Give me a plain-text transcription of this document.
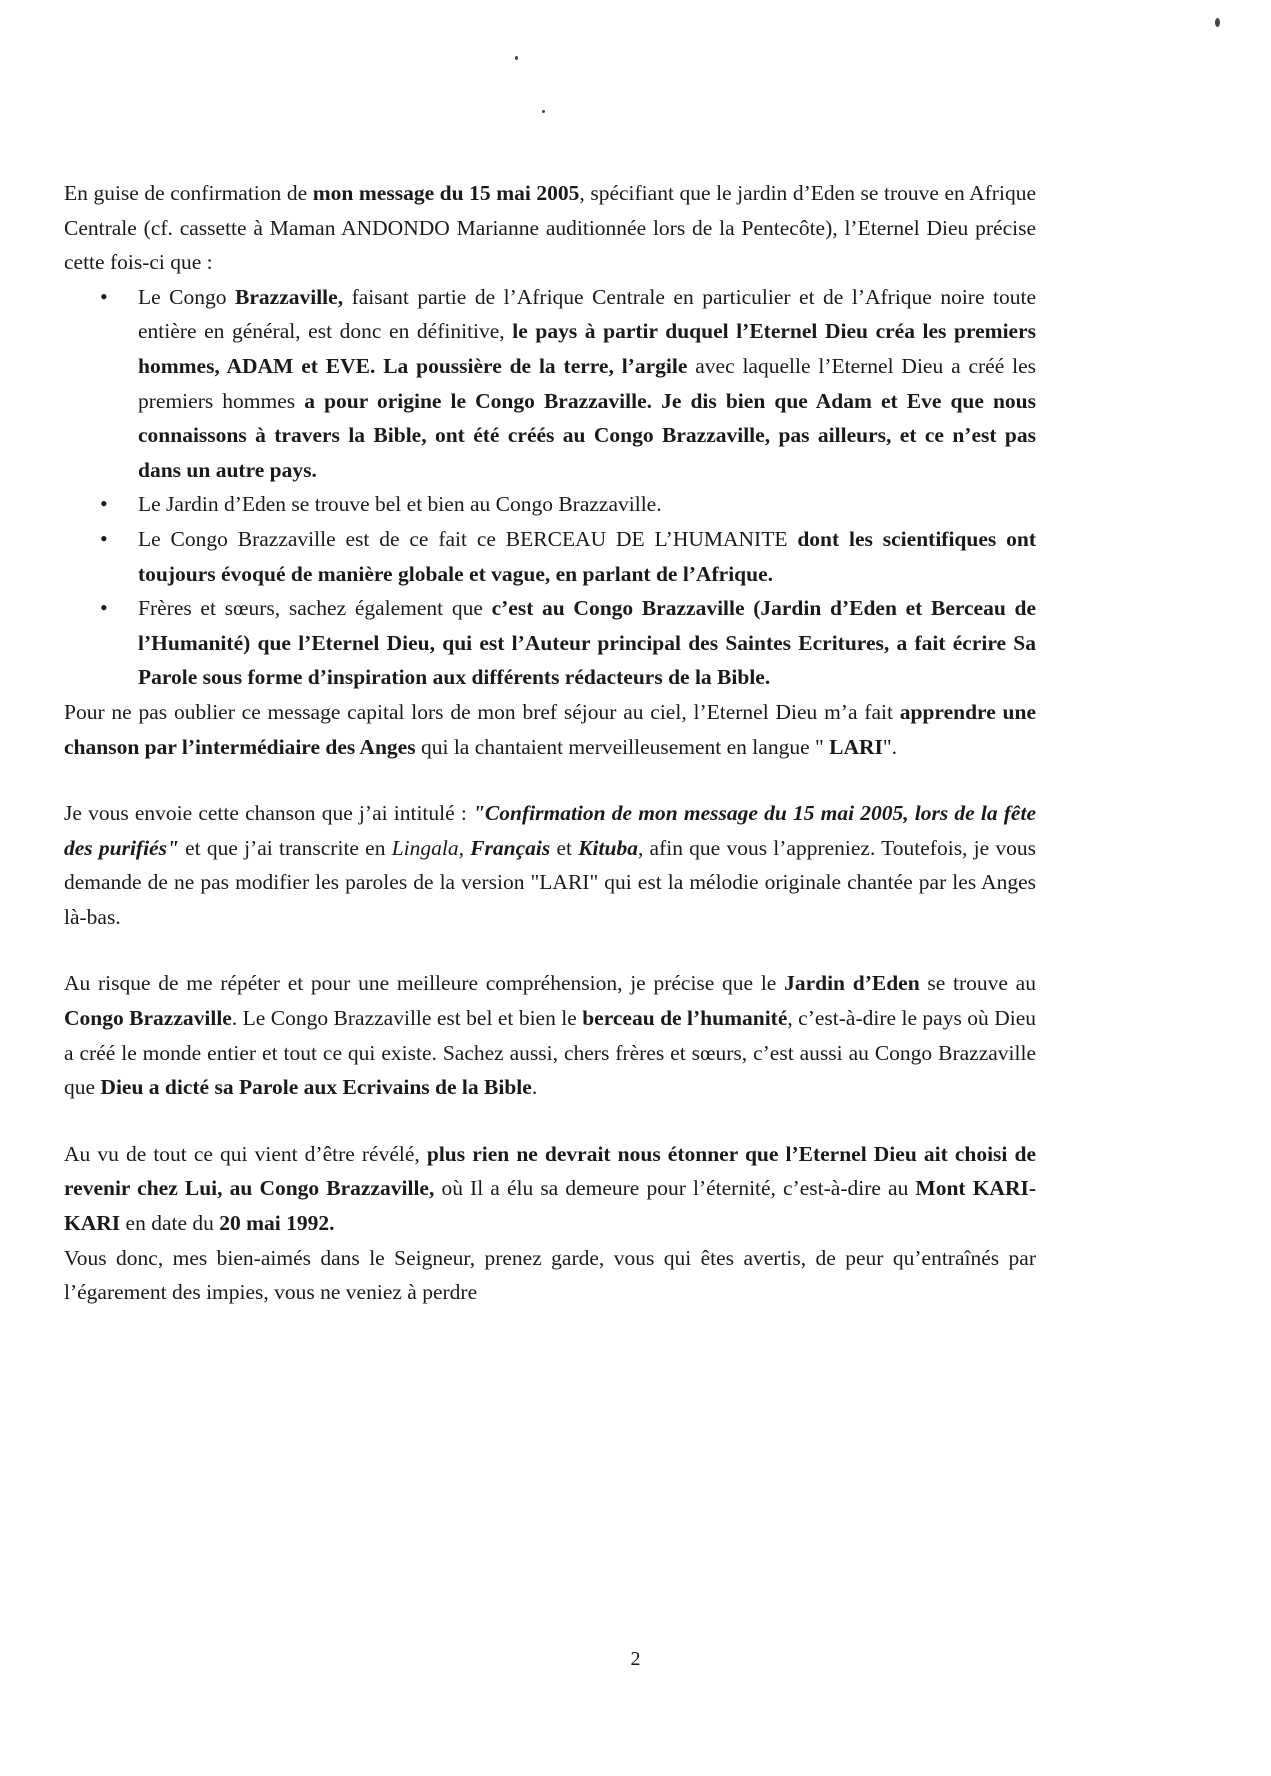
En guise de confirmation de mon message du 15 mai 2005, spécifiant que le jardin d’Eden se trouve en Afrique Centrale (cf. cassette à Maman ANDONDO Marianne auditionnée lors de la Pentecôte), l’Eternel Dieu précise cette fois-ci que :

• Le Congo Brazzaville, faisant partie de l’Afrique Centrale en particulier et de l’Afrique noire toute entière en général, est donc en définitive, le pays à partir duquel l’Eternel Dieu créa les premiers hommes, ADAM et EVE. La poussière de la terre, l’argile avec laquelle l’Eternel Dieu a créé les premiers hommes a pour origine le Congo Brazzaville. Je dis bien que Adam et Eve que nous connaissons à travers la Bible, ont été créés au Congo Brazzaville, pas ailleurs, et ce n’est pas dans un autre pays.
• Le Jardin d’Eden se trouve bel et bien au Congo Brazzaville.
• Le Congo Brazzaville est de ce fait ce BERCEAU DE L’HUMANITE dont les scientifiques ont toujours évoqué de manière globale et vague, en parlant de l’Afrique.
• Frères et sœurs, sachez également que c’est au Congo Brazzaville (Jardin d’Eden et Berceau de l’Humanité) que l’Eternel Dieu, qui est l’Auteur principal des Saintes Ecritures, a fait écrire Sa Parole sous forme d’inspiration aux différents rédacteurs de la Bible.

Pour ne pas oublier ce message capital lors de mon bref séjour au ciel, l’Eternel Dieu m’a fait apprendre une chanson par l’intermédiaire des Anges qui la chantaient merveilleusement en langue " LARI".

Je vous envoie cette chanson que j’ai intitulé : "Confirmation de mon message du 15 mai 2005, lors de la fête des purifiés" et que j’ai transcrite en Lingala, Français et Kituba, afin que vous l’appreniez. Toutefois, je vous demande de ne pas modifier les paroles de la version "LARI" qui est la mélodie originale chantée par les Anges là-bas.

Au risque de me répéter et pour une meilleure compréhension, je précise que le Jardin d’Eden se trouve au Congo Brazzaville. Le Congo Brazzaville est bel et bien le berceau de l’humanité, c’est-à-dire le pays où Dieu a créé le monde entier et tout ce qui existe. Sachez aussi, chers frères et sœurs, c’est aussi au Congo Brazzaville que Dieu a dicté sa Parole aux Ecrivains de la Bible.

Au vu de tout ce qui vient d’être révélé, plus rien ne devrait nous étonner que l’Eternel Dieu ait choisi de revenir chez Lui, au Congo Brazzaville, où Il a élu sa demeure pour l’éternité, c’est-à-dire au Mont KARI-KARI en date du 20 mai 1992.

Vous donc, mes bien-aimés dans le Seigneur, prenez garde, vous qui êtes avertis, de peur qu’entraînés par l’égarement des impies, vous ne veniez à perdre

2
